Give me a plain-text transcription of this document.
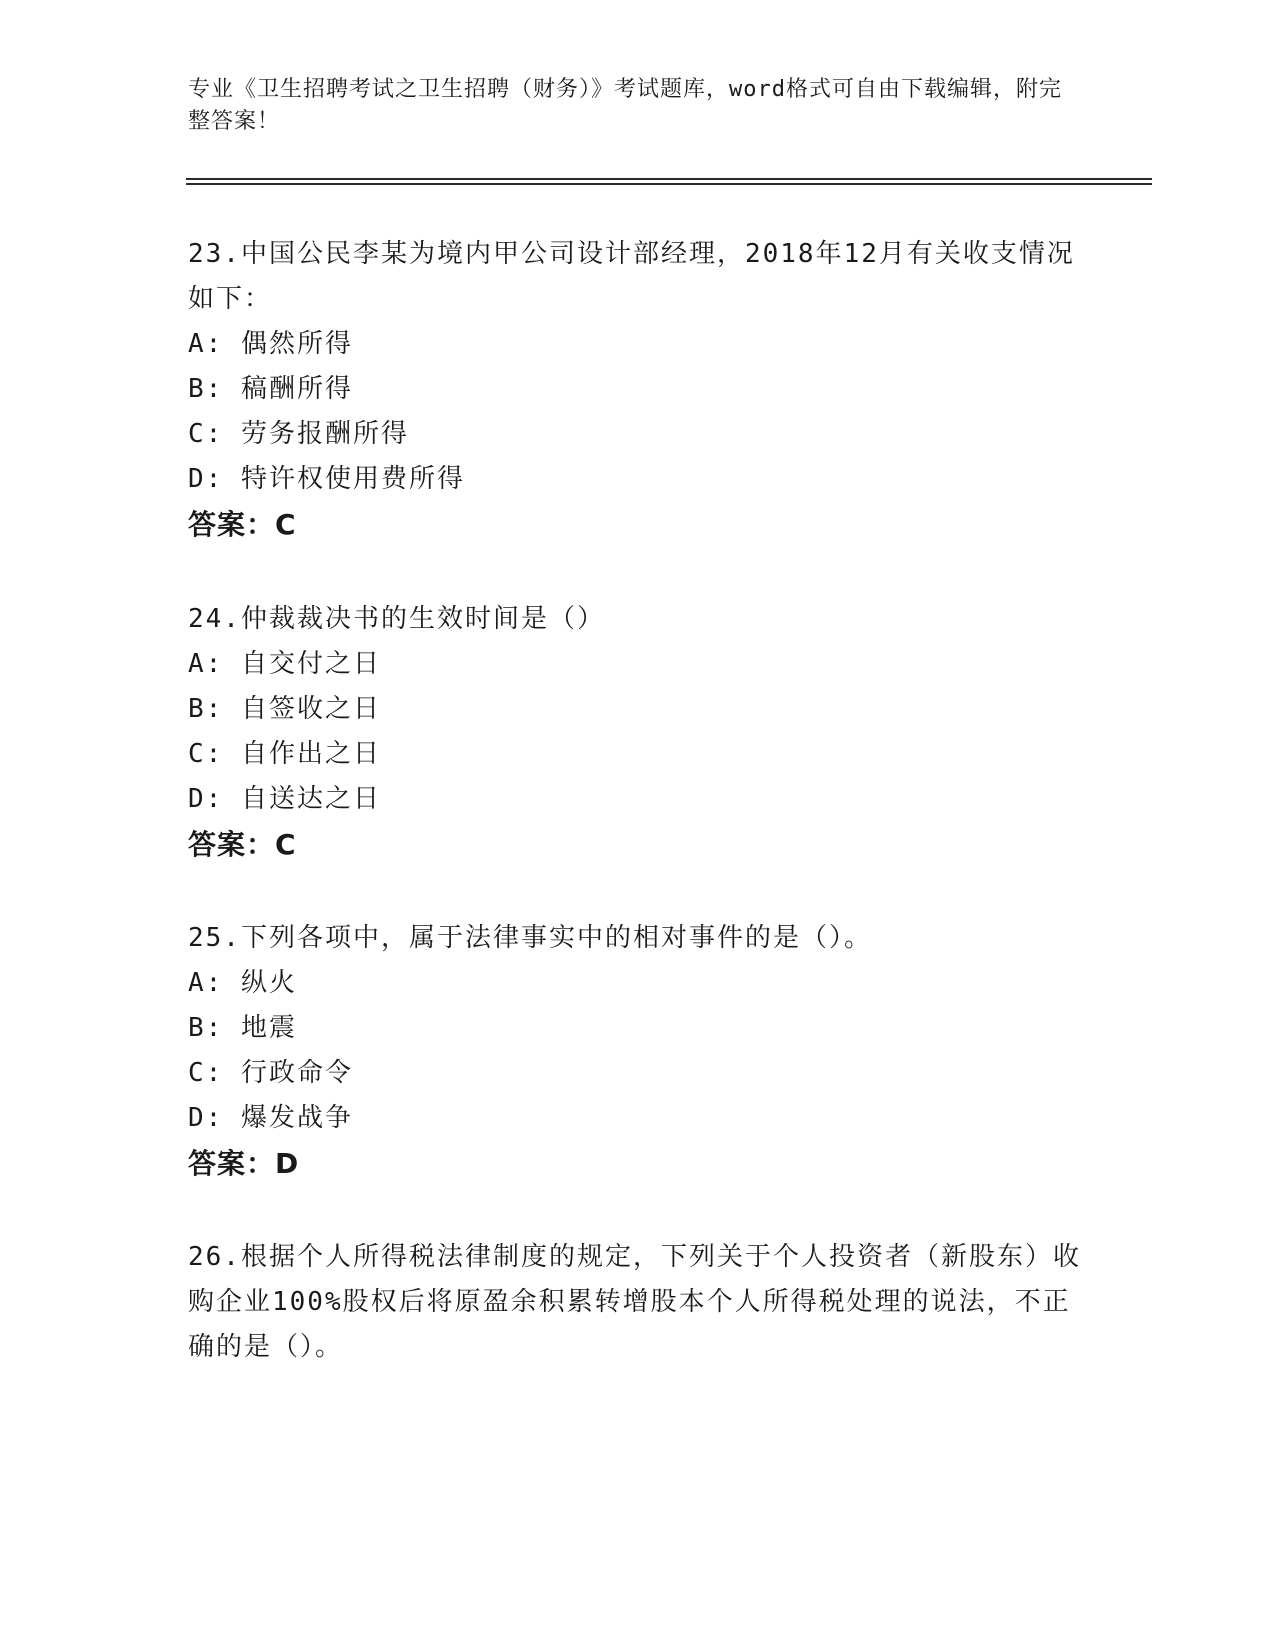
专业《卫生招聘考试之卫生招聘（财务）》考试题库，word格式可自由下载编辑，附完整答案！

23.中国公民李某为境内甲公司设计部经理，2018年12月有关收支情况如下：

A: 偶然所得

B: 稿酬所得

C: 劳务报酬所得

D: 特许权使用费所得

答案：C

24.仲裁裁决书的生效时间是（）

A: 自交付之日

B: 自签收之日

C: 自作出之日

D: 自送达之日

答案：C

25.下列各项中，属于法律事实中的相对事件的是（）。

A: 纵火

B: 地震

C: 行政命令

D: 爆发战争

答案：D

26.根据个人所得税法律制度的规定，下列关于个人投资者（新股东）收购企业100%股权后将原盈余积累转增股本个人所得税处理的说法，不正确的是（）。
